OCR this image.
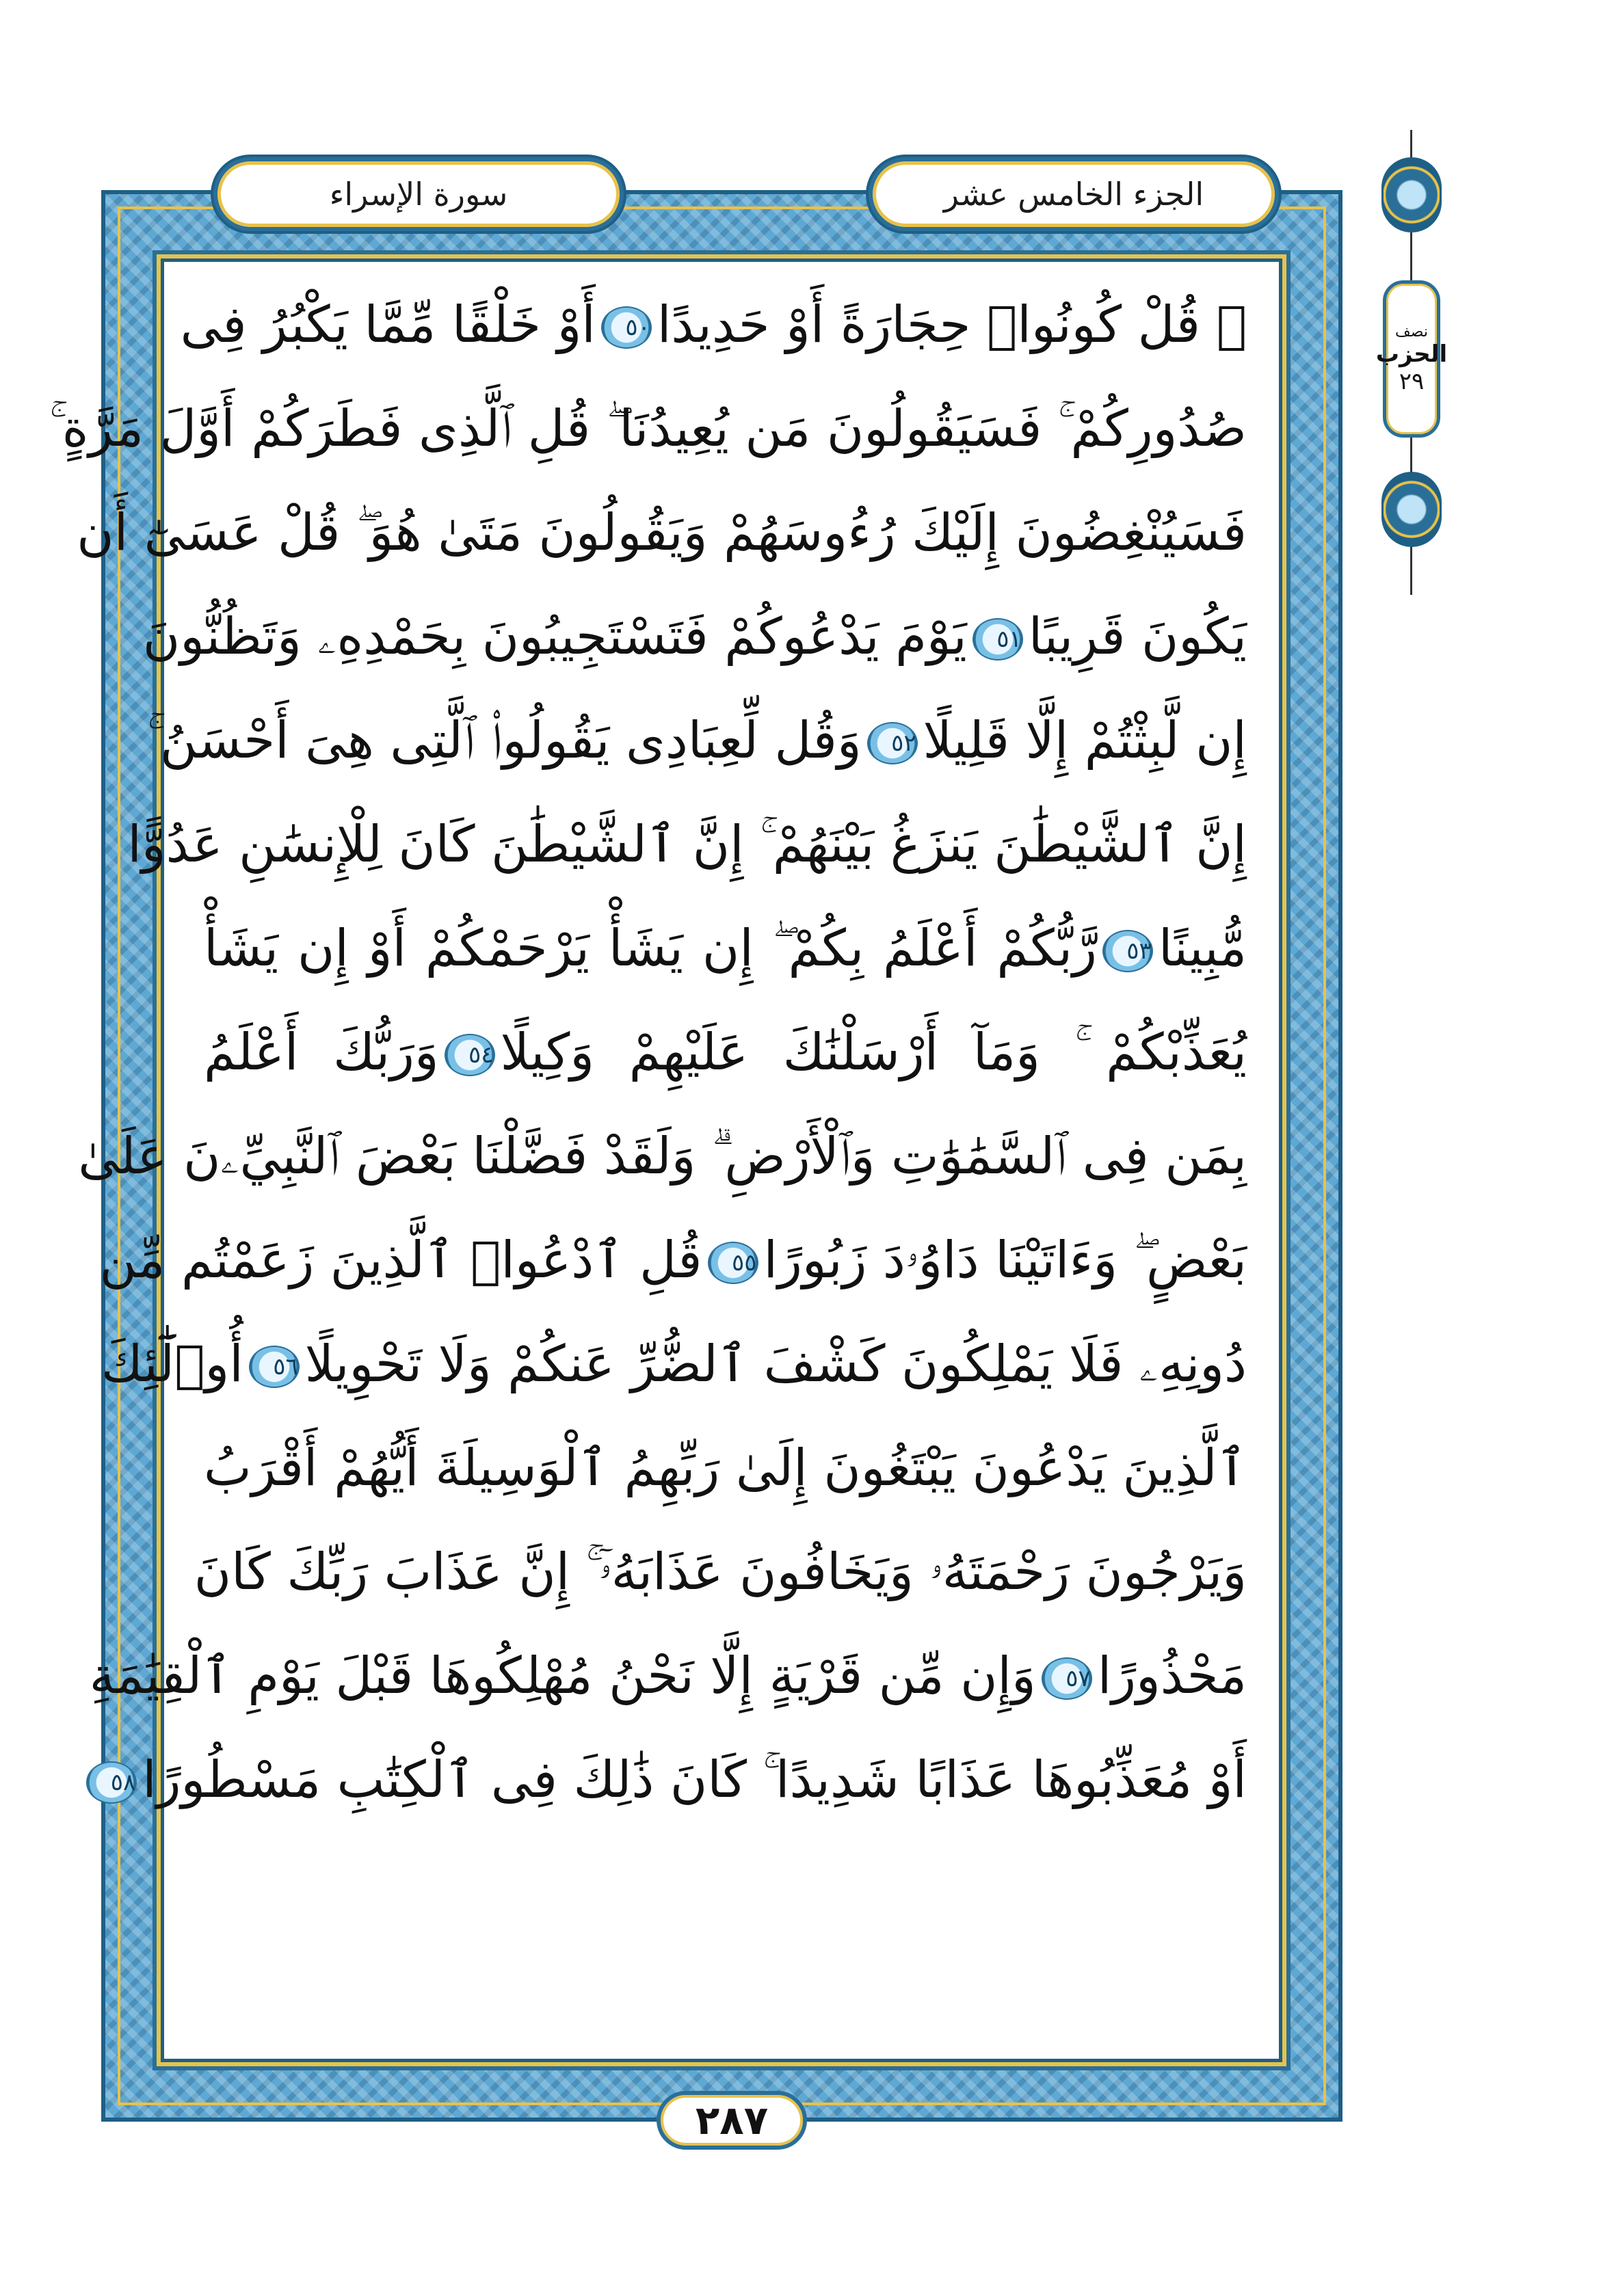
سورة الإسراء	الجزء الخامس عشر
نصف
الحزب
٢٩
۞ قُلْ كُونُوا۟ حِجَارَةً أَوْ حَدِيدًا٥٠أَوْ خَلْقًا مِّمَّا يَكْبُرُ فِى
صُدُورِكُمْ ۚ فَسَيَقُولُونَ مَن يُعِيدُنَا ۖ قُلِ ٱلَّذِى فَطَرَكُمْ أَوَّلَ مَرَّةٍ ۚ
فَسَيُنْغِضُونَ إِلَيْكَ رُءُوسَهُمْ وَيَقُولُونَ مَتَىٰ هُوَ ۖ قُلْ عَسَىٰٓ أَن
يَكُونَ قَرِيبًا٥١يَوْمَ يَدْعُوكُمْ فَتَسْتَجِيبُونَ بِحَمْدِهِۦ وَتَظُنُّونَ
إِن لَّبِثْتُمْ إِلَّا قَلِيلًا٥٢وَقُل لِّعِبَادِى يَقُولُوا۟ ٱلَّتِى هِىَ أَحْسَنُ ۚ
إِنَّ ٱلشَّيْطَٰنَ يَنزَغُ بَيْنَهُمْ ۚ إِنَّ ٱلشَّيْطَٰنَ كَانَ لِلْإِنسَٰنِ عَدُوًّا
مُّبِينًا٥٣رَّبُّكُمْ أَعْلَمُ بِكُمْ ۖ إِن يَشَأْ يَرْحَمْكُمْ أَوْ إِن يَشَأْ
يُعَذِّبْكُمْ ۚ وَمَآ أَرْسَلْنَٰكَ عَلَيْهِمْ وَكِيلًا٥٤وَرَبُّكَ أَعْلَمُ
بِمَن فِى ٱلسَّمَٰوَٰتِ وَٱلْأَرْضِ ۗ وَلَقَدْ فَضَّلْنَا بَعْضَ ٱلنَّبِيِّۦنَ عَلَىٰ
بَعْضٍ ۖ وَءَاتَيْنَا دَاوُۥدَ زَبُورًا٥٥قُلِ ٱدْعُوا۟ ٱلَّذِينَ زَعَمْتُم مِّن
دُونِهِۦ فَلَا يَمْلِكُونَ كَشْفَ ٱلضُّرِّ عَنكُمْ وَلَا تَحْوِيلًا٥٦أُو۟لَٰٓئِكَ
ٱلَّذِينَ يَدْعُونَ يَبْتَغُونَ إِلَىٰ رَبِّهِمُ ٱلْوَسِيلَةَ أَيُّهُمْ أَقْرَبُ
وَيَرْجُونَ رَحْمَتَهُۥ وَيَخَافُونَ عَذَابَهُۥٓ ۚ إِنَّ عَذَابَ رَبِّكَ كَانَ
مَحْذُورًا٥٧وَإِن مِّن قَرْيَةٍ إِلَّا نَحْنُ مُهْلِكُوهَا قَبْلَ يَوْمِ ٱلْقِيَٰمَةِ
أَوْ مُعَذِّبُوهَا عَذَابًا شَدِيدًا ۚ كَانَ ذَٰلِكَ فِى ٱلْكِتَٰبِ مَسْطُورًا٥٨
٢٨٧
